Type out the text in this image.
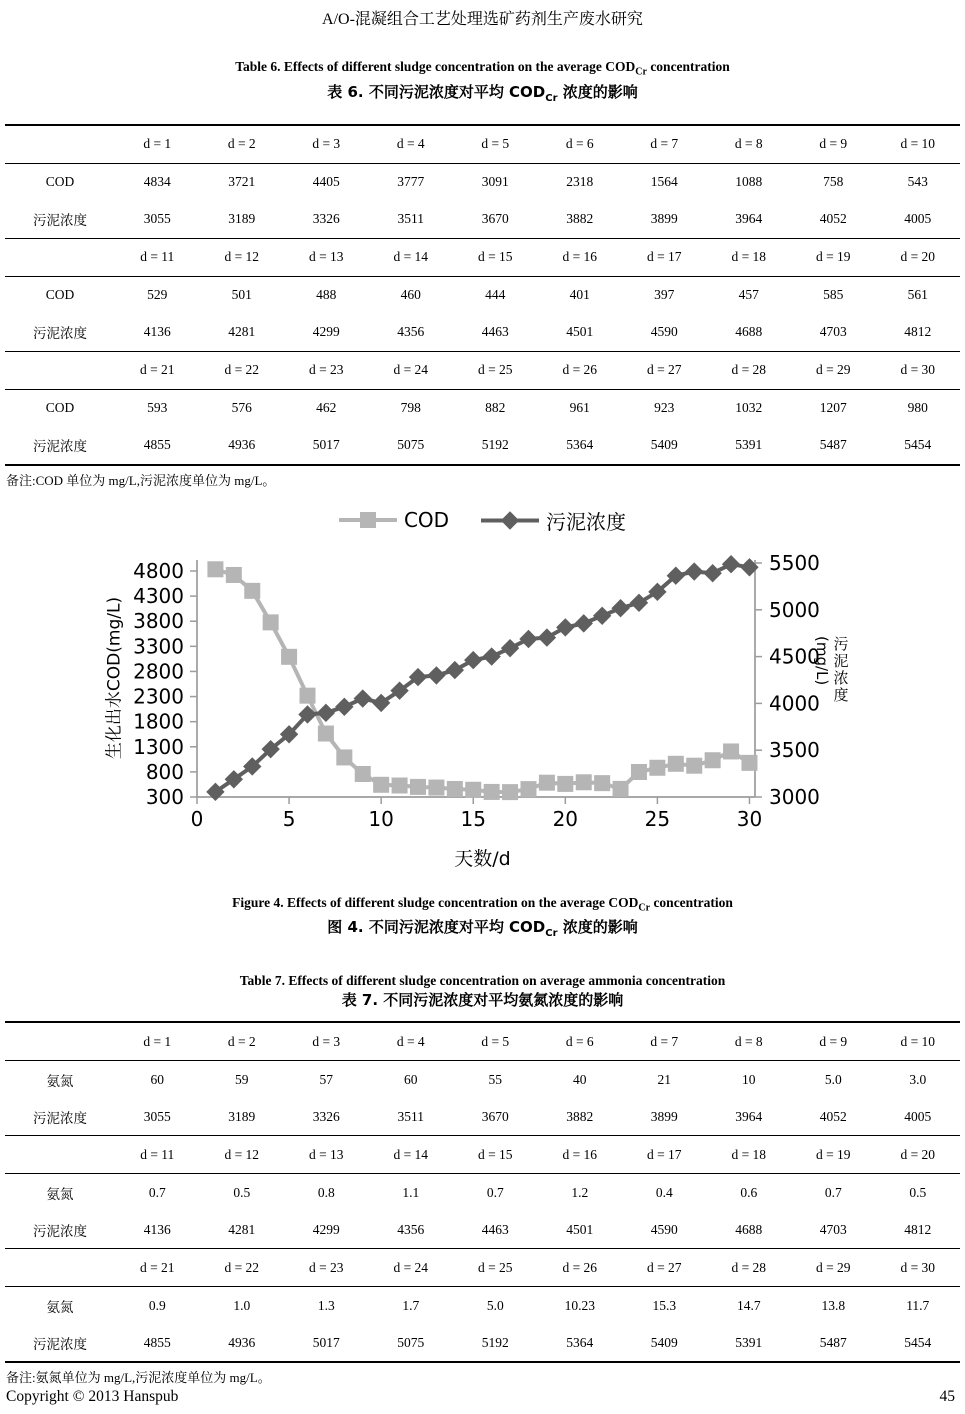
A/O-混凝组合工艺处理选矿药剂生产废水研究
Table 6. Effects of different sludge concentration on the average $COD_{Cr}$ concentration
表 6. 不同污泥浓度对平均 $COD_{Cr}$ 浓度的影响
	d = 1	d = 2	d = 3	d = 4	d = 5	d = 6	d = 7	d = 8	d = 9	d = 10
COD	4834	3721	4405	3777	3091	2318	1564	1088	758	543
污泥浓度	3055	3189	3326	3511	3670	3882	3899	3964	4052	4005
	d = 11	d = 12	d = 13	d = 14	d = 15	d = 16	d = 17	d = 18	d = 19	d = 20
COD	529	501	488	460	444	401	397	457	585	561
污泥浓度	4136	4281	4299	4356	4463	4501	4590	4688	4703	4812
	d = 21	d = 22	d = 23	d = 24	d = 25	d = 26	d = 27	d = 28	d = 29	d = 30
COD	593	576	462	798	882	961	923	1032	1207	980
污泥浓度	4855	4936	5017	5075	5192	5364	5409	5391	5487	5454
备注:COD 单位为 mg/L,污泥浓度单位为 mg/L。
4800
4300
3800
3300
2800
2300
1800
1300
800
300
5500
5000
4500
4000
3500
3000
0	5	10	15	20	25	30
COD	污泥浓度
生化出水COD(mg/L)	污泥浓度
(mg/L)
天数/d
Figure 4. Effects of different sludge concentration on the average $COD_{Cr}$ concentration
图 4. 不同污泥浓度对平均 $COD_{Cr}$ 浓度的影响
Table 7. Effects of different sludge concentration on average ammonia concentration
表 7. 不同污泥浓度对平均氨氮浓度的影响
	d = 1	d = 2	d = 3	d = 4	d = 5	d = 6	d = 7	d = 8	d = 9	d = 10
氨氮	60	59	57	60	55	40	21	10	5.0	3.0
污泥浓度	3055	3189	3326	3511	3670	3882	3899	3964	4052	4005
	d = 11	d = 12	d = 13	d = 14	d = 15	d = 16	d = 17	d = 18	d = 19	d = 20
氨氮	0.7	0.5	0.8	1.1	0.7	1.2	0.4	0.6	0.7	0.5
污泥浓度	4136	4281	4299	4356	4463	4501	4590	4688	4703	4812
	d = 21	d = 22	d = 23	d = 24	d = 25	d = 26	d = 27	d = 28	d = 29	d = 30
氨氮	0.9	1.0	1.3	1.7	5.0	10.23	15.3	14.7	13.8	11.7
污泥浓度	4855	4936	5017	5075	5192	5364	5409	5391	5487	5454
备注:氨氮单位为 mg/L,污泥浓度单位为 mg/L。
Copyright © 2013 Hanspub	45
